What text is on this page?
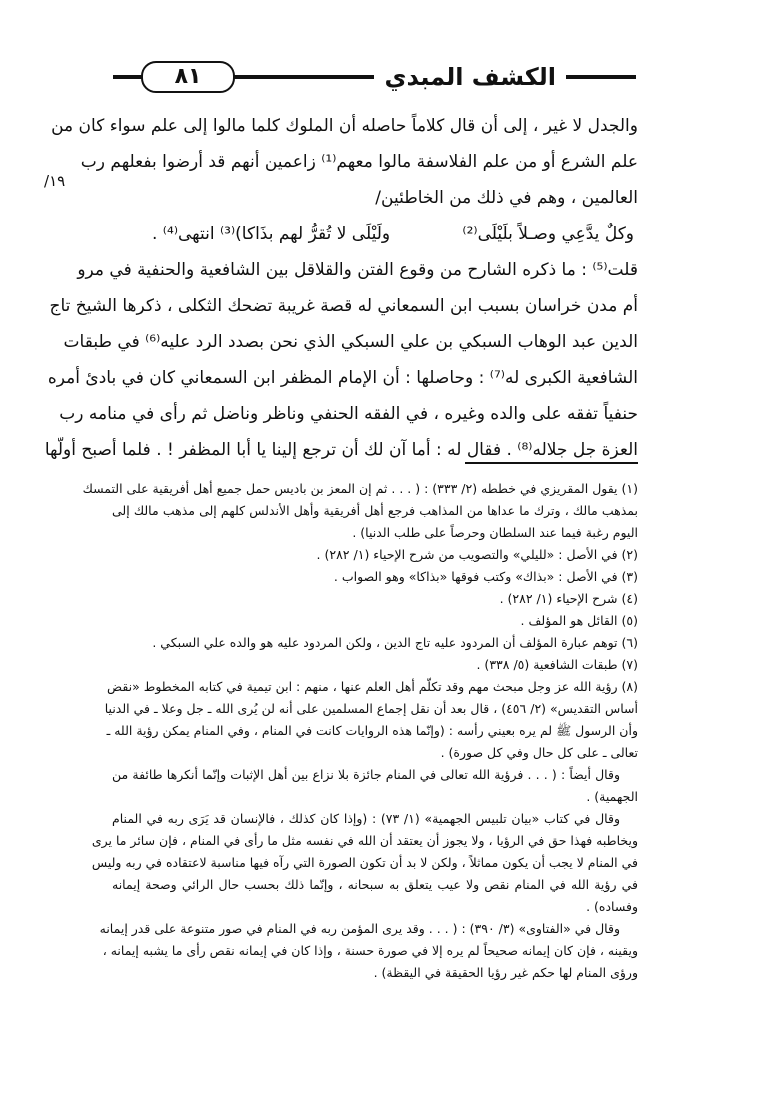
الكشف المبدي
٨١
١٩/
والجدل لا غير ، إلى أن قال كلاماً حاصله أن الملوك كلما مالوا إلى علم سواء كان من
علم الشرع أو من علم الفلاسفة مالوا معهم⁽¹⁾ زاعمين أنهم قد أرضوا بفعلهم رب
العالمين ، وهم في ذلك من الخاطئين/
وكلٌ يدَّعِي وصـلاً بلَيْلَى⁽²⁾
ولَيْلَى لا تُقرُّ لهم بذَاكا)⁽³⁾ انتهى⁽⁴⁾ .
قلت⁽⁵⁾ : ما ذكره الشارح من وقوع الفتن والقلاقل بين الشافعية والحنفية في مرو
أم مدن خراسان بسبب ابن السمعاني له قصة غريبة تضحك الثكلى ، ذكرها الشيخ تاج
الدين عبد الوهاب السبكي بن علي السبكي الذي نحن بصدد الرد عليه⁽⁶⁾ في طبقات
الشافعية الكبرى له⁽⁷⁾ : وحاصلها : أن الإمام المظفر ابن السمعاني كان في بادئ أمره
حنفياً تفقه على والده وغيره ، في الفقه الحنفي وناظر وناضل ثم رأى في منامه رب
العزة جل جلاله⁽⁸⁾ . فقال له : أما آن لك أن ترجع إلينا يا أبا المظفر ! . فلما أصبح أولّها
(١) يقول المقريزي في خططه (٢/ ٣٣٣) : ( . . . ثم إن المعز بن باديس حمل جميع أهل أفريقية على التمسك
بمذهب مالك ، وترك ما عداها من المذاهب فرجع أهل أفريقية وأهل الأندلس كلهم إلى مذهب مالك إلى
اليوم رغبة فيما عند السلطان وحرصاً على طلب الدنيا) .
(٢) في الأصل : «لليلي» والتصويب من شرح الإحياء (١/ ٢٨٢) .
(٣) في الأصل : «بذاك» وكتب فوقها «بذاكا» وهو الصواب .
(٤) شرح الإحياء (١/ ٢٨٢) .
(٥) القائل هو المؤلف .
(٦) توهم عبارة المؤلف أن المردود عليه تاج الدين ، ولكن المردود عليه هو والده علي السبكي .
(٧) طبقات الشافعية (٥/ ٣٣٨) .
(٨) رؤية الله عز وجل مبحث مهم وقد تكلّم أهل العلم عنها ، منهم : ابن تيمية في كتابه المخطوط «نقض
أساس التقديس» (٢/ ٤٥٦) ، قال بعد أن نقل إجماع المسلمين على أنه لن يُرى الله ـ جل وعلا ـ في الدنيا
وأن الرسول ﷺ لم يره بعيني رأسه : (وإنّما هذه الروايات كانت في المنام ، وفي المنام يمكن رؤية الله ـ
تعالى ـ على كل حال وفي كل صورة) .
وقال أيضاً : ( . . . فرؤية الله تعالى في المنام جائزة بلا نزاع بين أهل الإثبات وإنّما أنكرها طائفة من
الجهمية) .
وقال في كتاب «بيان تلبيس الجهمية» (١/ ٧٣) : (وإذا كان كذلك ، فالإنسان قد يَرَى ربه في المنام
ويخاطبه فهذا حق في الرؤيا ، ولا يجوز أن يعتقد أن الله في نفسه مثل ما رأى في المنام ، فإن سائر ما يرى
في المنام لا يجب أن يكون مماثلاً ، ولكن لا بد أن تكون الصورة التي رآه فيها مناسبة لاعتقاده في ربه وليس
في رؤية الله في المنام نقص ولا عيب يتعلق به سبحانه ، وإنّما ذلك بحسب حال الرائي وصحة إيمانه
وفساده) .
وقال في «الفتاوى» (٣/ ٣٩٠) : ( . . . وقد يرى المؤمن ربه في المنام في صور متنوعة على قدر إيمانه
ويقينه ، فإن كان إيمانه صحيحاً لم يره إلا في صورة حسنة ، وإذا كان في إيمانه نقص رأى ما يشبه إيمانه ،
ورؤى المنام لها حكم غير رؤيا الحقيقة في اليقظة) .
